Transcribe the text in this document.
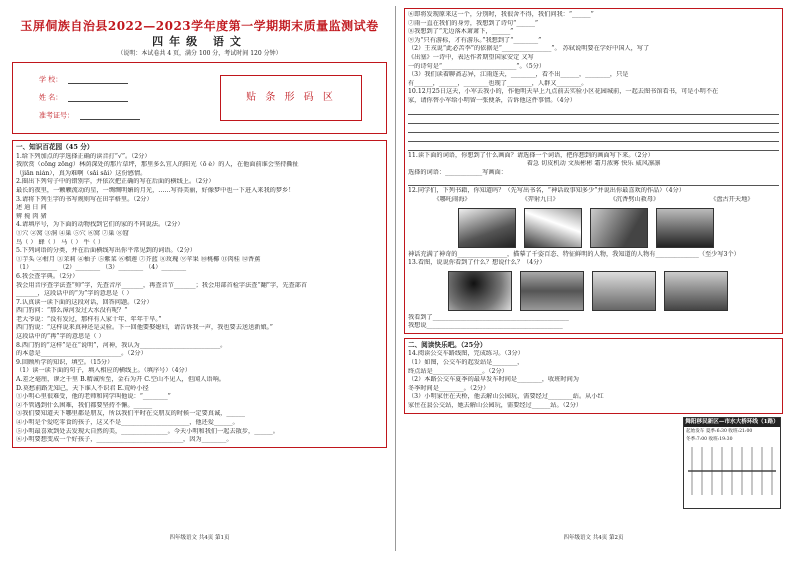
玉屏侗族自治县2022—2023学年度第一学期期末质量监测试卷
四年级 语文
（说明：本试卷共 4 页，满分 100 分，考试时间 120 分钟）
学 校：
姓 名：
准考证号：
贴 条 形 码 区
一、知识百花园（45 分）
1.给下列加点的字选择正确的读音打“√”。（2分）
我欣赏（cōng zōng）林荫深处的那片草坪，那里多么宜人的阳光（ō è）的人，在他面前谁会坚持撕扯
（jiān nián），真为难啊（sǎi sǎi）这份感情。
2.圈出下列句子中的错别字，并依次把正确的写在后面的横线上。（2分）
最长的夜里，一颗颗流动的星，一绸绸明媚的月光，……写得美丽，好像梦中也一下进入来我的梦乡！
3.请将下列生字的书写规则写在田字格里。（2分）
述 迪 日 间
辨 搅 肉 猪
4.请填序号，为下面的动物找到它们的家的不同说法。（2分）
①穴 ②窝 ③洞 ④巢 ⑤穴 ⑥窝 ⑦巢 ⑧窟
鸟（ ） 蜂（ ） 马（ ） 牛（ ）
5.下列词语的分类，并在后面横线写出你平常见到的词语。（2分）
①芋头 ②柑月 ③茉莉 ④柚子 ⑤紫菜 ⑥榴莲 ⑦芥蓝 ⑧玫瑰 ⑨苹果 ⑩桃椰 ⑪肉桂 ⑫香蕉
（1）________ （2）________ （3）________ （4）________
6.我会查字典。（2分）
我会用音序查字法查“帅”字，先查音序_______，再查音节_______；我会用部首检字法查“翻”字，先查部首
_______，这段话中的“为”字的意思是（ ）
7.认真读一读下面的这段对话，回答问题。（2分）
西门豹问：“那么漳河发过大水没有呢？”
老大爷说：“没有发过，那样有人家十年、年年干旱。”
西门豹说：“这样说来真神还是灵验。下一回他要娶媳妇，请告诉我一声，我也要去送送新娘。”
这段话中的“再”字的意思是（ ）
8.西门豹的“这样”是在“说明”，河神，我认为__________________________。
的本意是__________________________。（2分）
9.回顾所学的知识，填空。（15分）
（1）读一读下面的句子，填入相应的横线上。（填序号）（4分）
A.差之毫厘，谬之千里 B.精诚所至，金石为开 C.空山不见人，但闻人语响。
D.莫愁前路无知己，天下谁人不识君 E.荒岭小径
①小明心里很难受，他的老师和同学叫他说：“________”
②不管遇到什么困难，我们都要坚持不懈。______
③我们要知道天下哪里都是朋友，所以我们平时在交朋友的时候一定要真诚，______
④小明是个爱吃零食的孩子，这又不是______________________，他还爱______。
⑤小明最喜欢到处去发现大自然的美，_______________。今天小明和我们一起去散步，______。
⑥小明要想变成一个好孩子，____________________________，因为________。
四年级语文 共4页 第1页
⑥即将发现原来这一个，分别时，我很舍不得，我们问我：“______”
⑦雨一直在我们的身旁，我想到了诗句“______”
⑧我想到了“无边落木萧萧下，______”
⑨为“只有游标，才有游乐。”我想到了“________”
（2）王戎说“此必苦李”的依据是“________________”。 苏轼说明要在学好中国人，写了
《出塞》一诗中，表达作者期望国家安定 又写
一的诗句是“________________________”。（5分）
（3）我们读着聊斋志异，江雨连天，________，看不出______，________，只是
有______，______，________也现了________，人群又________。
10.12月25日这天，小军去我小的，作他明天早上九点前去实验小区花园城前，一起去图书馆看书，可是小明不在
家，请你替小军给小明留一张便条，告诉他这件事情。（4分）
11.读下面的词语，你想到了什么画面？请选择一个词语，把你想到的画面写下来。（2分）
着急 切皮机动 文质彬彬 霜月浓雾 快乐 威风凛凛
选择的词语：____________写画面：
12.同学们，下列书籍，你知道吗？（先写出书名，“神话故事知多少”并说出你最喜欢的作品）（4分）
《哪吒闹海》	《羿射九日》	《沉香劈山救母》	《盘古开天地》
神话充满了神奇的________________，描摹了千姿百态、特征鲜明的人物，我知道的人物有______________（至少写3个）
13.看图，说说你看到了什么？想说什么？（4分）
我看到了____________________________________________
我想说____________________________________________
二、阅读快乐吧。（25分）
14.阅读公交车路线图，完成练习。（3分）
（1）如图，公交车的起发站是________，
终点站是________________。（2分）
（2）本路公交车夏季的最早发车时间是________，收班时间为
冬季时间是________。（2分）
（3）小明家住在天桥，他去解山公园玩，需要经过________站。从小红
家住在县公交站，她去解山公园玩，需要经过______站。（2分）
舞阳移民新区—市水大桥环线（1路）
起始发车 夏季:6:30 收班:21:00
冬季:7:00 收班:19:30
四年级语文 共4页 第2页
